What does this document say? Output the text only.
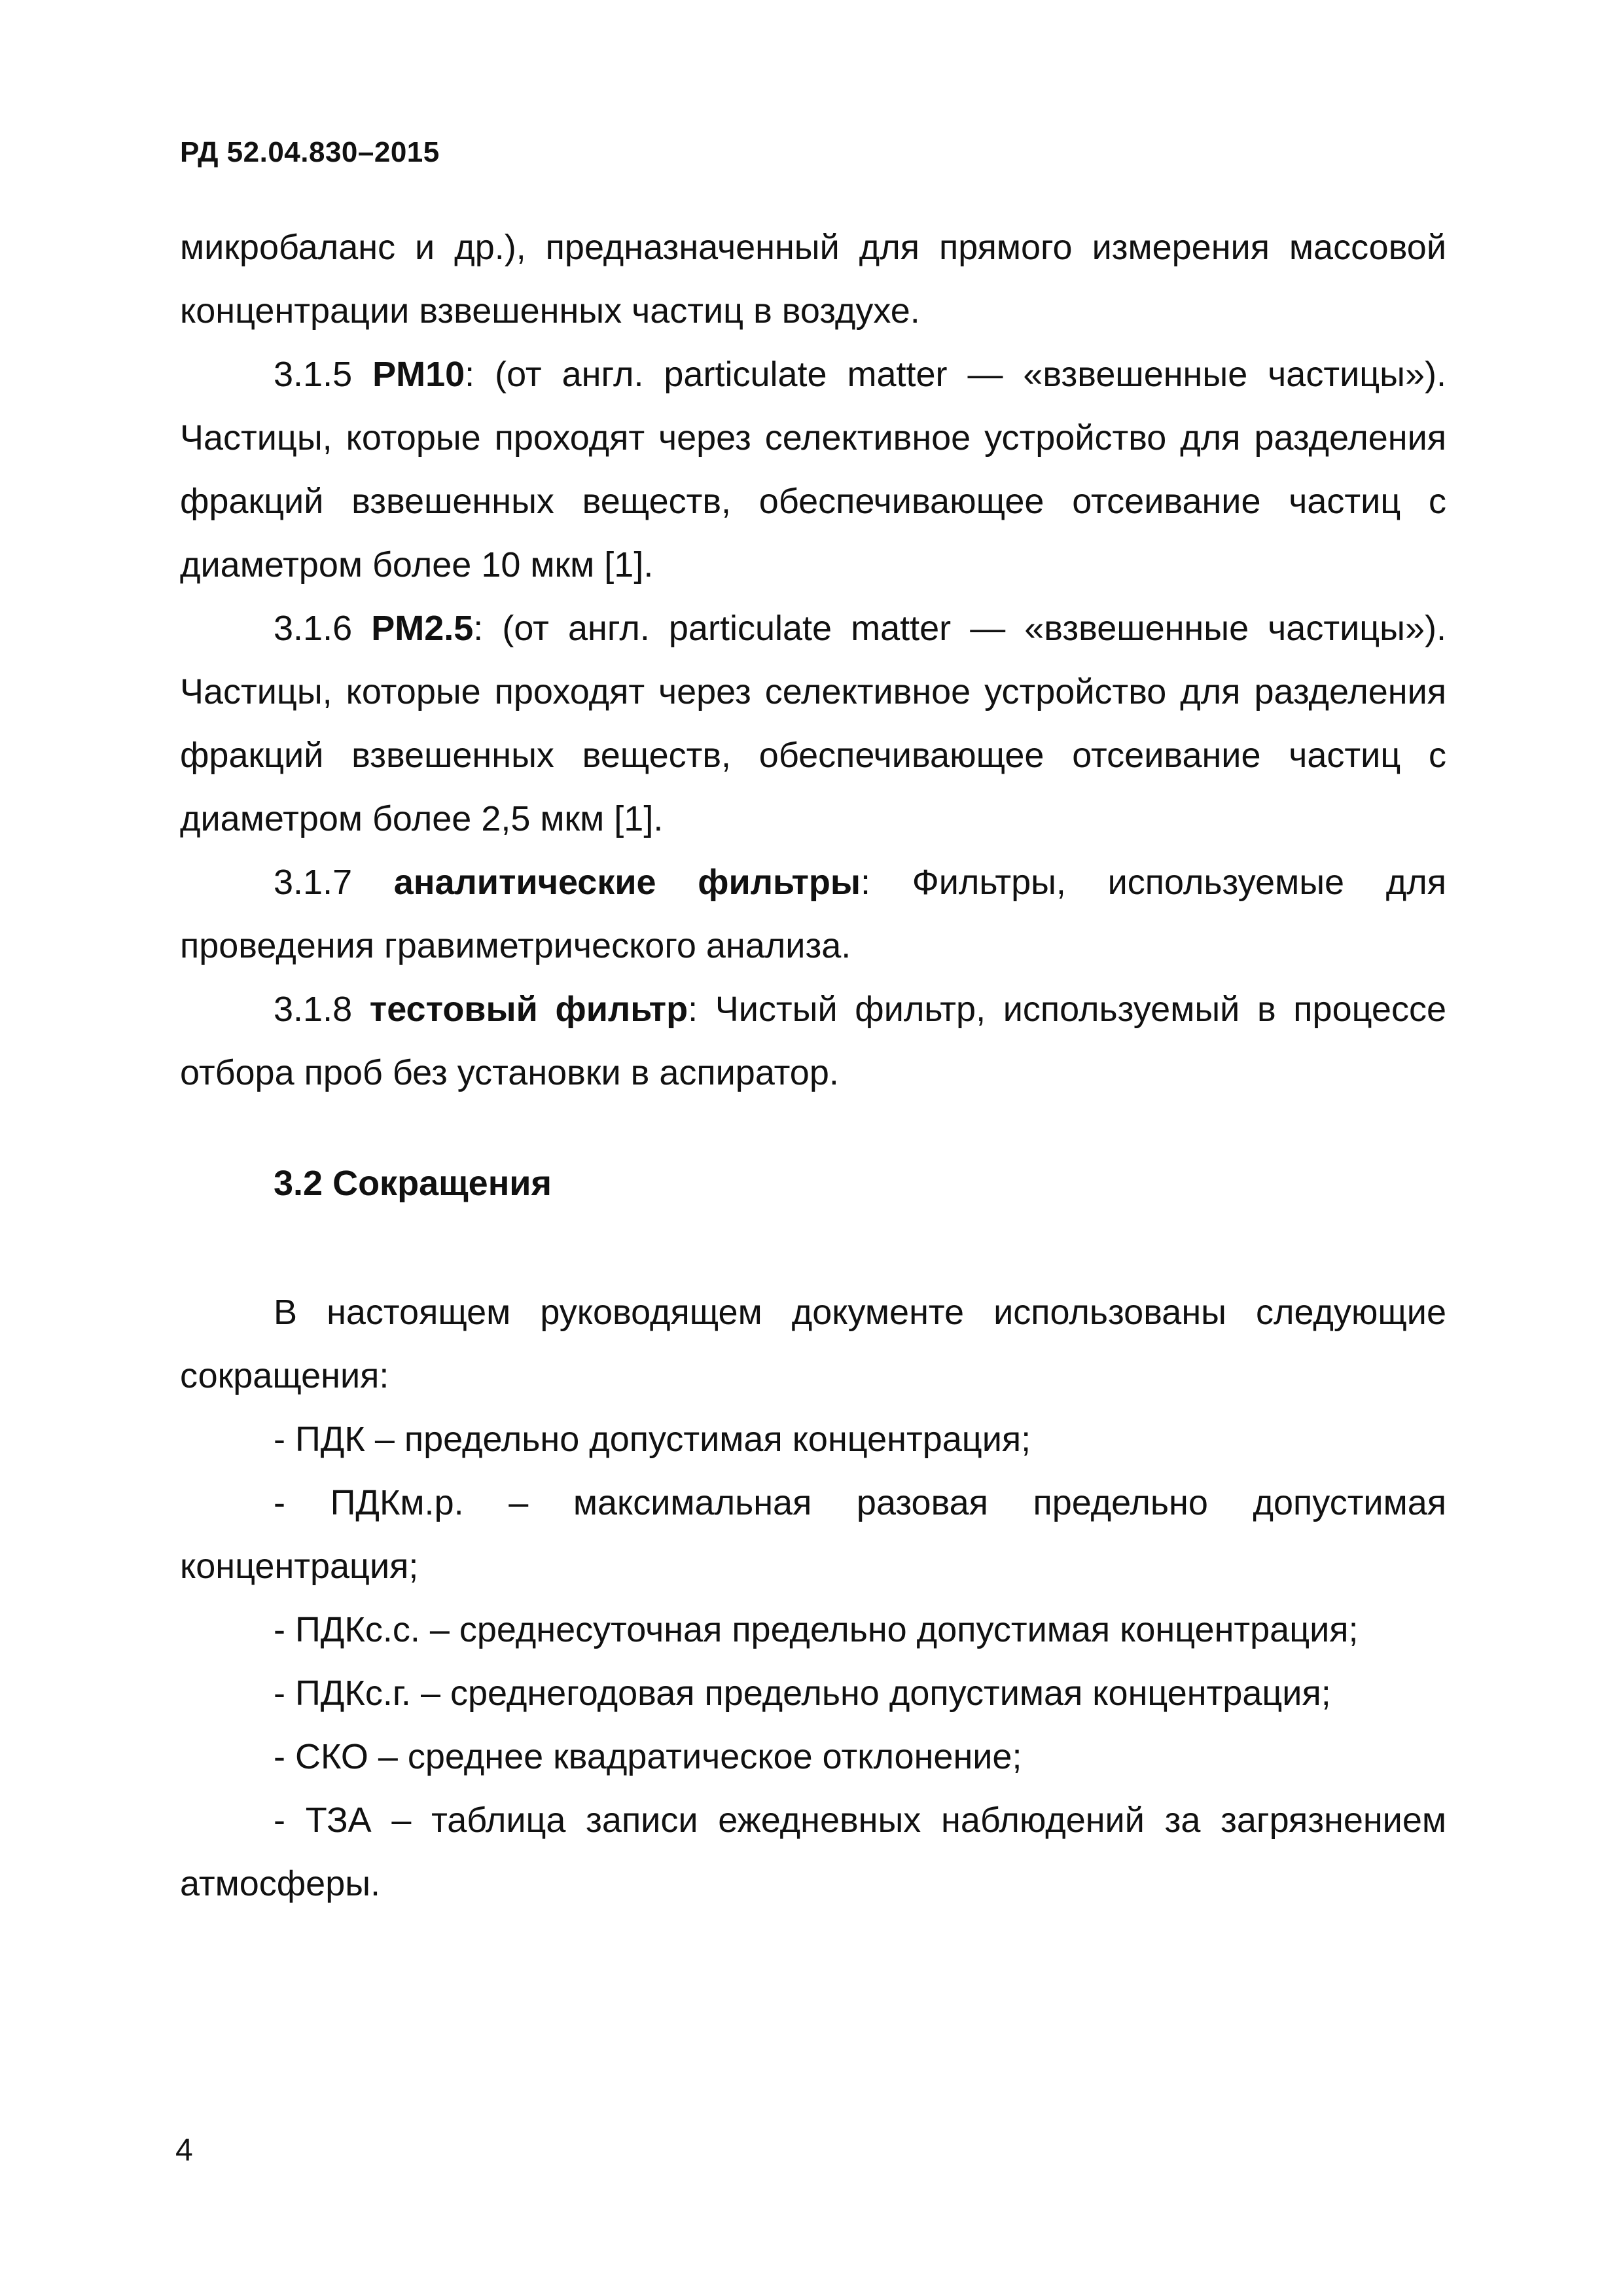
РД 52.04.830–2015

микробаланс и др.), предназначенный для прямого измерения массовой концентрации взвешенных частиц в воздухе.

3.1.5 PM10: (от англ. particulate matter — «взвешенные частицы»). Частицы, которые проходят через селективное устройство для разделения фракций взвешенных веществ, обеспечивающее отсеивание частиц с диаметром более 10 мкм [1].

3.1.6 PM2.5: (от англ. particulate matter — «взвешенные частицы»). Частицы, которые проходят через селективное устройство для разделения фракций взвешенных веществ, обеспечивающее отсеивание частиц с диаметром более 2,5 мкм [1].

3.1.7 аналитические фильтры: Фильтры, используемые для проведения гравиметрического анализа.

3.1.8 тестовый фильтр: Чистый фильтр, используемый в процессе отбора проб без установки в аспиратор.

3.2 Сокращения

В настоящем руководящем документе использованы следующие сокращения:

- ПДК – предельно допустимая концентрация;

- ПДКм.р. – максимальная разовая предельно допустимая концентрация;

- ПДКс.с. – среднесуточная предельно допустимая концентрация;

- ПДКс.г. – среднегодовая предельно допустимая концентрация;

- СКО – среднее квадратическое отклонение;

- ТЗА – таблица записи ежедневных наблюдений за загрязнением атмосферы.

4
